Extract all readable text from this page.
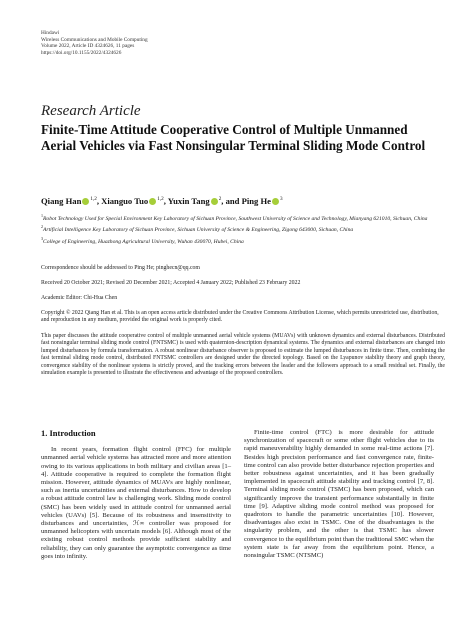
Hindawi
Wireless Communications and Mobile Computing
Volume 2022, Article ID 4324626, 11 pages
https://doi.org/10.1155/2022/4324626
Research Article
Finite-Time Attitude Cooperative Control of Multiple Unmanned Aerial Vehicles via Fast Nonsingular Terminal Sliding Mode Control
Qiang Han $^{1,2}$, Xianguo Tuo $^{1,2}$, Yuxin Tang $^2$, and Ping He $^3$
$^1$Robot Technology Used for Special Environment Key Laboratory of Sichuan Province, Southwest University of Science and Technology, Mianyang 621010, Sichuan, China
$^2$Artificial Intelligence Key Laboratory of Sichuan Province, Sichuan University of Science & Engineering, Zigong 643000, Sichuan, China
$^3$College of Engineering, Huazhong Agricultural University, Wuhan 430070, Hubei, China
Correspondence should be addressed to Ping He; pinghecn@qq.com
Received 20 October 2021; Revised 20 December 2021; Accepted 4 January 2022; Published 23 February 2022
Academic Editor: Chi-Hua Chen
Copyright © 2022 Qiang Han et al. This is an open access article distributed under the Creative Commons Attribution License, which permits unrestricted use, distribution, and reproduction in any medium, provided the original work is properly cited.
This paper discusses the attitude cooperative control of multiple unmanned aerial vehicle systems (MUAVs) with unknown dynamics and external disturbances. Distributed fast nonsingular terminal sliding mode control (FNTSMC) is used with quaternion-description dynamical systems. The dynamics and external disturbances are changed into lumped disturbances by formula transformation. A robust nonlinear disturbance observer is proposed to estimate the lumped disturbances in finite time. Then, combining the fast terminal sliding mode control, distributed FNTSMC controllers are designed under the directed topology. Based on the Lyapunov stability theory and graph theory, convergence stability of the nonlinear systems is strictly proved, and the tracking errors between the leader and the followers approach to a small residual set. Finally, the simulation example is presented to illustrate the effectiveness and advantage of the proposed controllers.
1. Introduction

In recent years, formation flight control (FFC) for multiple unmanned aerial vehicle systems has attracted more and more attention owing to its various applications in both military and civilian areas [1–4]. Attitude cooperative is required to complete the formation flight mission. However, attitude dynamics of MUAVs are highly nonlinear, such as inertia uncertainties and external disturbances. How to develop a robust attitude control law is challenging work. Sliding mode control (SMC) has been widely used in attitude control for unmanned aerial vehicles (UAVs) [5]. Because of its robustness and insensitivity to disturbances and uncertainties, ℋ∞ controller was proposed for unmanned helicopters with uncertain models [6]. Although most of the existing robust control methods provide sufficient stability and reliability, they can only guarantee the asymptotic convergence as time goes into infinity.

Finite-time control (FTC) is more desirable for attitude synchronization of spacecraft or some other flight vehicles due to its rapid maneuverability highly demanded in some real-time actions [7]. Besides high precision performance and fast convergence rate, finite-time control can also provide better disturbance rejection properties and better robustness against uncertainties, and it has been gradually implemented in spacecraft attitude stability and tracking control [7, 8]. Terminal sliding mode control (TSMC) has been proposed, which can significantly improve the transient performance substantially in finite time [9]. Adaptive sliding mode control method was proposed for quadrotors to handle the parametric uncertainties [10]. However, disadvantages also exist in TSMC. One of the disadvantages is the singularity problem, and the other is that TSMC has slower convergence to the equilibrium point than the traditional SMC when the system state is far away from the equilibrium point. Hence, a nonsingular TSMC (NTSMC)
